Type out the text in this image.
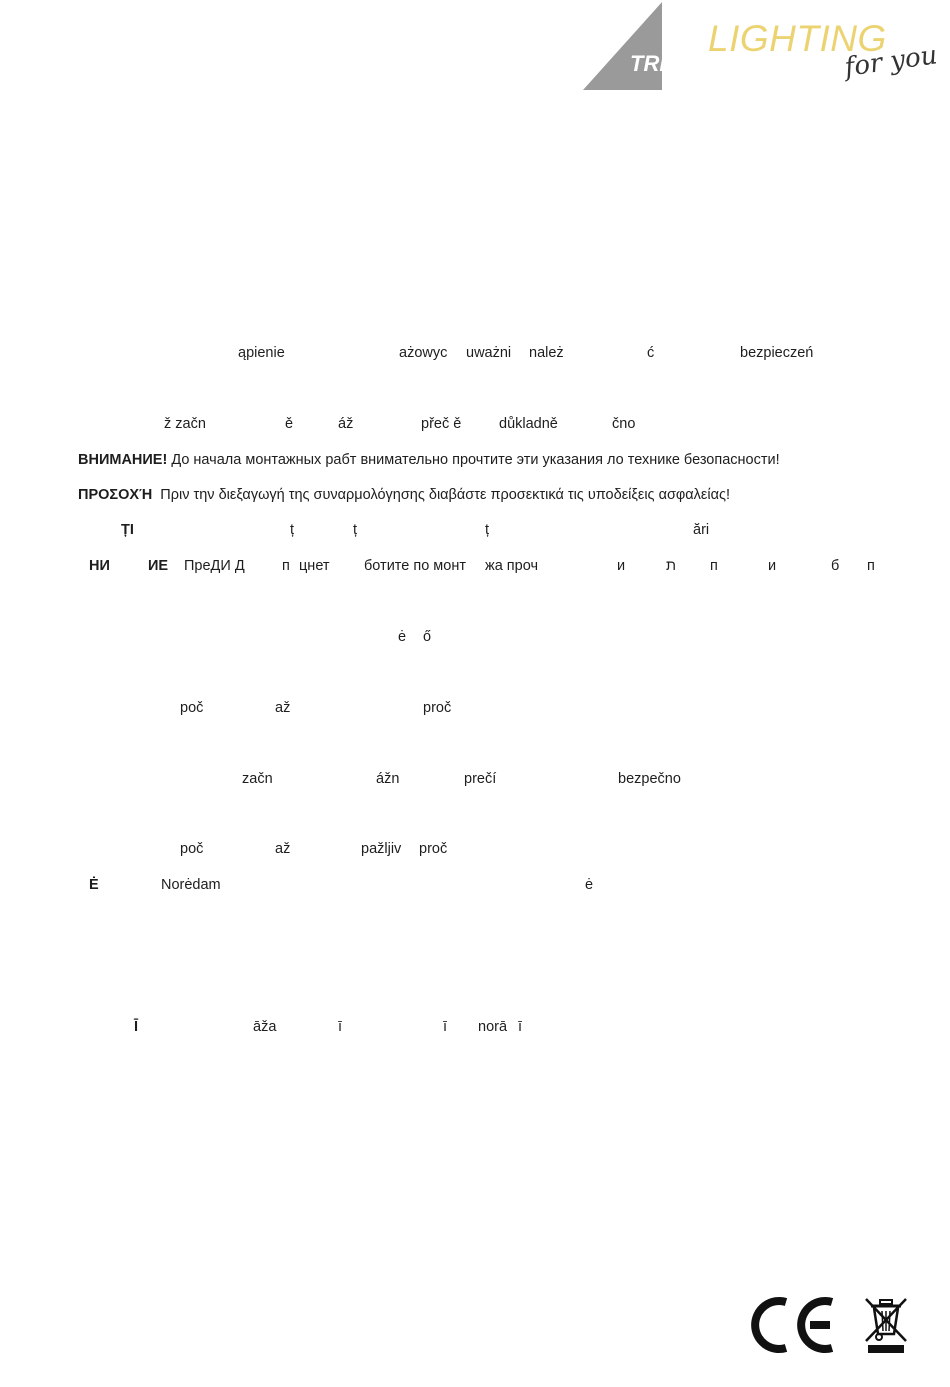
TRIO
LIGHTING
for you
ąpienie	ażowyc uważni należ	ć	bezpieczeń
ž začn	ě	áž	přeč ě	důkladně	čno
ВНИМАНИЕ! До начала монтажных рабт внимательно прочтите эти указания ло технике безопасности!
ΠΡΟΣΟΧΉ Πριν την διεξαγωγή της συναρμολόγησης διαβάστε προσεκτικά τις υποδείξεις ασφαλείας!
ȚI	ț	ț	ț	ări
НИ	ИЕ ПреДИ Д	п цнет ботите по монт жа проч	и	ת п	и	б п
ė ő
poč	až	proč
začn	ážn	prečí	bezpečno
poč	až	pažljiv proč
Ė	Norėdam	ė
Ī	āža	ī	ī norā ī
